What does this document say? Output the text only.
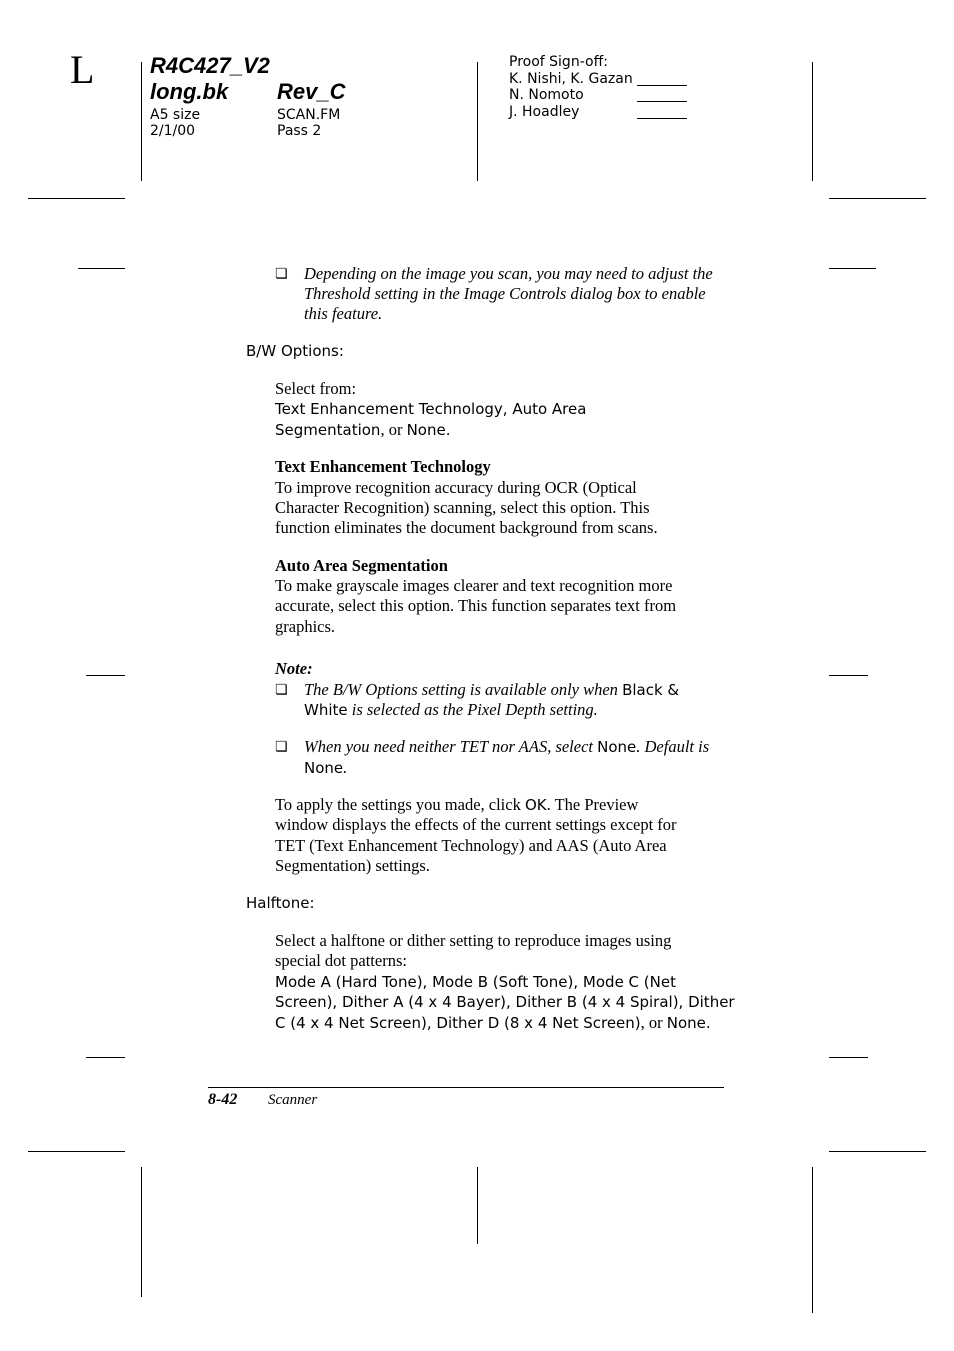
L	R4C427_V2
long.bk Rev_C
A5 size
2/1/00
SCAN.FM
Pass 2
Proof Sign-off:
K. Nishi, K. Gazan
N. Nomoto
J. Hoadley
❏ Depending on the image you scan, you may need to adjust the
Threshold setting in the Image Controls dialog box to enable
this feature.
B/W Options:
Select from:
Text Enhancement Technology, Auto Area
Segmentation, or None.
Text Enhancement Technology
To improve recognition accuracy during OCR (Optical
Character Recognition) scanning, select this option. This
function eliminates the document background from scans.
Auto Area Segmentation
To make grayscale images clearer and text recognition more
accurate, select this option. This function separates text from
graphics.
Note:
❏ The B/W Options setting is available only when Black &
White is selected as the Pixel Depth setting.
❏ When you need neither TET nor AAS, select None. Default is
None.
To apply the settings you made, click OK. The Preview
window displays the effects of the current settings except for
TET (Text Enhancement Technology) and AAS (Auto Area
Segmentation) settings.
Halftone:
Select a halftone or dither setting to reproduce images using
special dot patterns:
Mode A (Hard Tone), Mode B (Soft Tone), Mode C (Net
Screen), Dither A (4 x 4 Bayer), Dither B (4 x 4 Spiral), Dither
C (4 x 4 Net Screen), Dither D (8 x 4 Net Screen), or None.
8-42 Scanner
